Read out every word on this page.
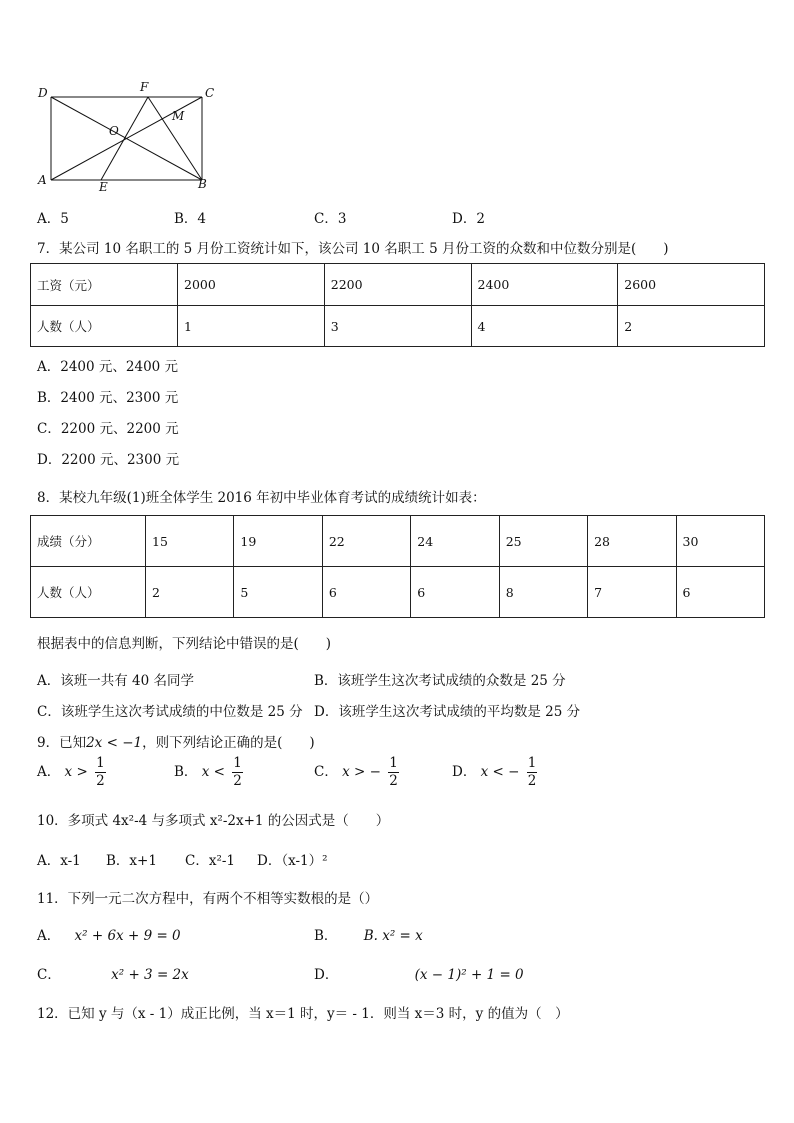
D	F	C
O
M
A	E	B
A．5	B．4	C．3	D．2
7．某公司 10 名职工的 5 月份工资统计如下，该公司 10 名职工 5 月份工资的众数和中位数分别是(　　)
工资（元）	2000	2200	2400	2600
人数（人）	1	3	4	2
A．2400 元、2400 元
B．2400 元、2300 元
C．2200 元、2200 元
D．2200 元、2300 元
8．某校九年级(1)班全体学生 2016 年初中毕业体育考试的成绩统计如表：
成绩（分）	15	19	22	24	25	28	30
人数（人）	2	5	6	6	8	7	6
根据表中的信息判断，下列结论中错误的是(　　)
A．该班一共有 40 名同学	B．该班学生这次考试成绩的众数是 25 分
C．该班学生这次考试成绩的中位数是 25 分 D．该班学生这次考试成绩的平均数是 25 分
9．已知2x < −1，则下列结论正确的是(　　)
A． $x > \frac{1}{2}$	B． $x < \frac{1}{2}$	C． x > − $\frac{1}{2}$	D． x < − $\frac{1}{2}$
10．多项式 4x²-4 与多项式 x²-2x+1 的公因式是（　　）
A．x-1 B．x+1 C．x²-1 D．（x-1）²
11．下列一元二次方程中，有两个不相等实数根的是（）
A． x² + 6x + 9 = 0	B． B. x² = x
C．	x² + 3 = 2x	D．	(x − 1)² + 1 = 0
12．已知 y 与（x - 1）成正比例，当 x＝1 时，y＝ - 1．则当 x＝3 时，y 的值为（　）
